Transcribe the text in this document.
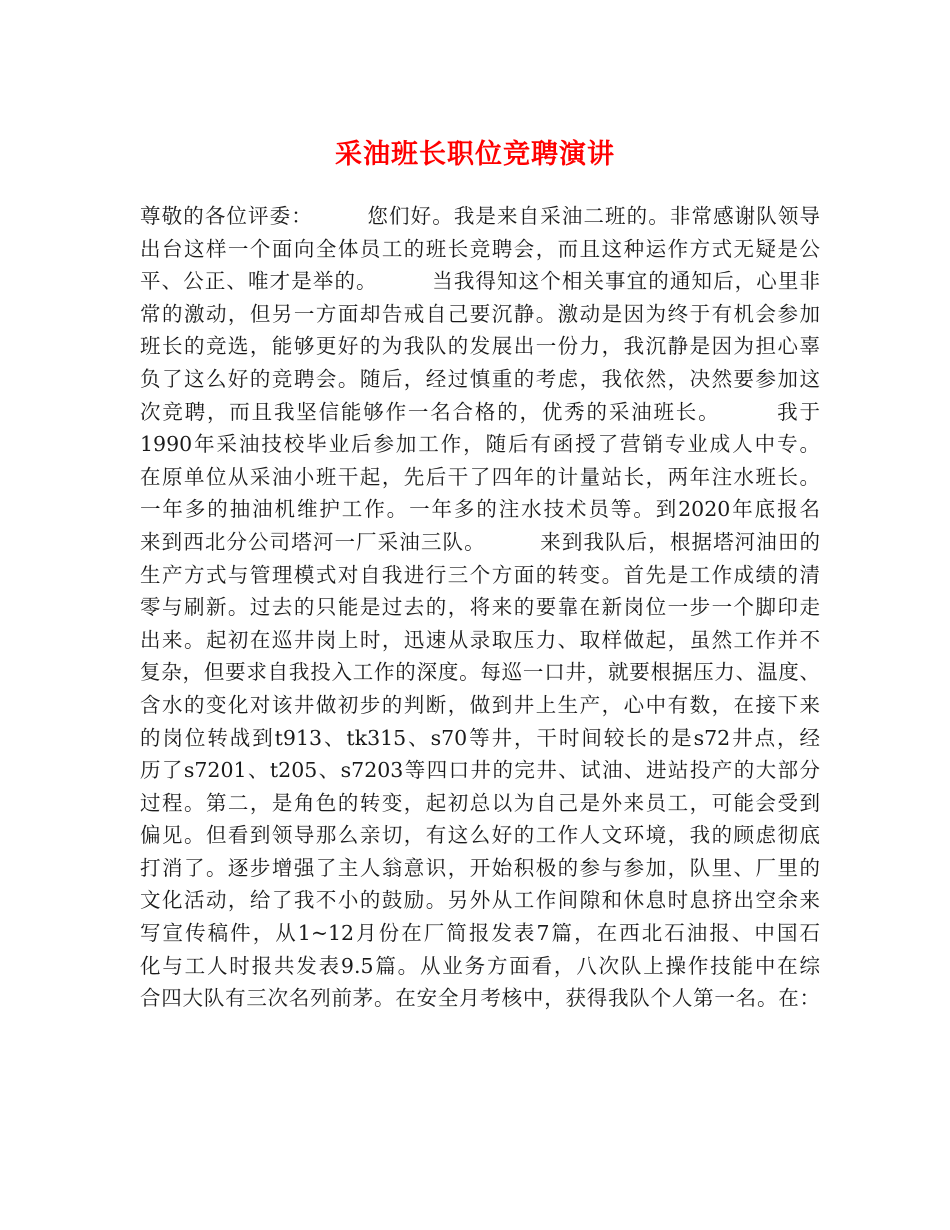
采油班长职位竞聘演讲
尊敬的各位评委：　　　您们好。我是来自采油二班的。非常感谢队领导
出台这样一个面向全体员工的班长竞聘会，而且这种运作方式无疑是公
平、公正、唯才是举的。　　　当我得知这个相关事宜的通知后，心里非
常的激动，但另一方面却告戒自己要沉静。激动是因为终于有机会参加
班长的竞选，能够更好的为我队的发展出一份力，我沉静是因为担心辜
负了这么好的竞聘会。随后，经过慎重的考虑，我依然，决然要参加这
次竞聘，而且我坚信能够作一名合格的，优秀的采油班长。　　　我于
1990年采油技校毕业后参加工作，随后有函授了营销专业成人中专。
在原单位从采油小班干起，先后干了四年的计量站长，两年注水班长。
一年多的抽油机维护工作。一年多的注水技术员等。到2020年底报名
来到西北分公司塔河一厂采油三队。　　　来到我队后，根据塔河油田的
生产方式与管理模式对自我进行三个方面的转变。首先是工作成绩的清
零与刷新。过去的只能是过去的，将来的要靠在新岗位一步一个脚印走
出来。起初在巡井岗上时，迅速从录取压力、取样做起，虽然工作并不
复杂，但要求自我投入工作的深度。每巡一口井，就要根据压力、温度、
含水的变化对该井做初步的判断，做到井上生产，心中有数，在接下来
的岗位转战到t913、tk315、s70等井，干时间较长的是s72井点，经
历了s7201、t205、s7203等四口井的完井、试油、进站投产的大部分
过程。第二，是角色的转变，起初总以为自己是外来员工，可能会受到
偏见。但看到领导那么亲切，有这么好的工作人文环境，我的顾虑彻底
打消了。逐步增强了主人翁意识，开始积极的参与参加，队里、厂里的
文化活动，给了我不小的鼓励。另外从工作间隙和休息时息挤出空余来
写宣传稿件，从1~12月份在厂简报发表7篇，在西北石油报、中国石
化与工人时报共发表9.5篇。从业务方面看，八次队上操作技能中在综
合四大队有三次名列前茅。在安全月考核中，获得我队个人第一名。在：
